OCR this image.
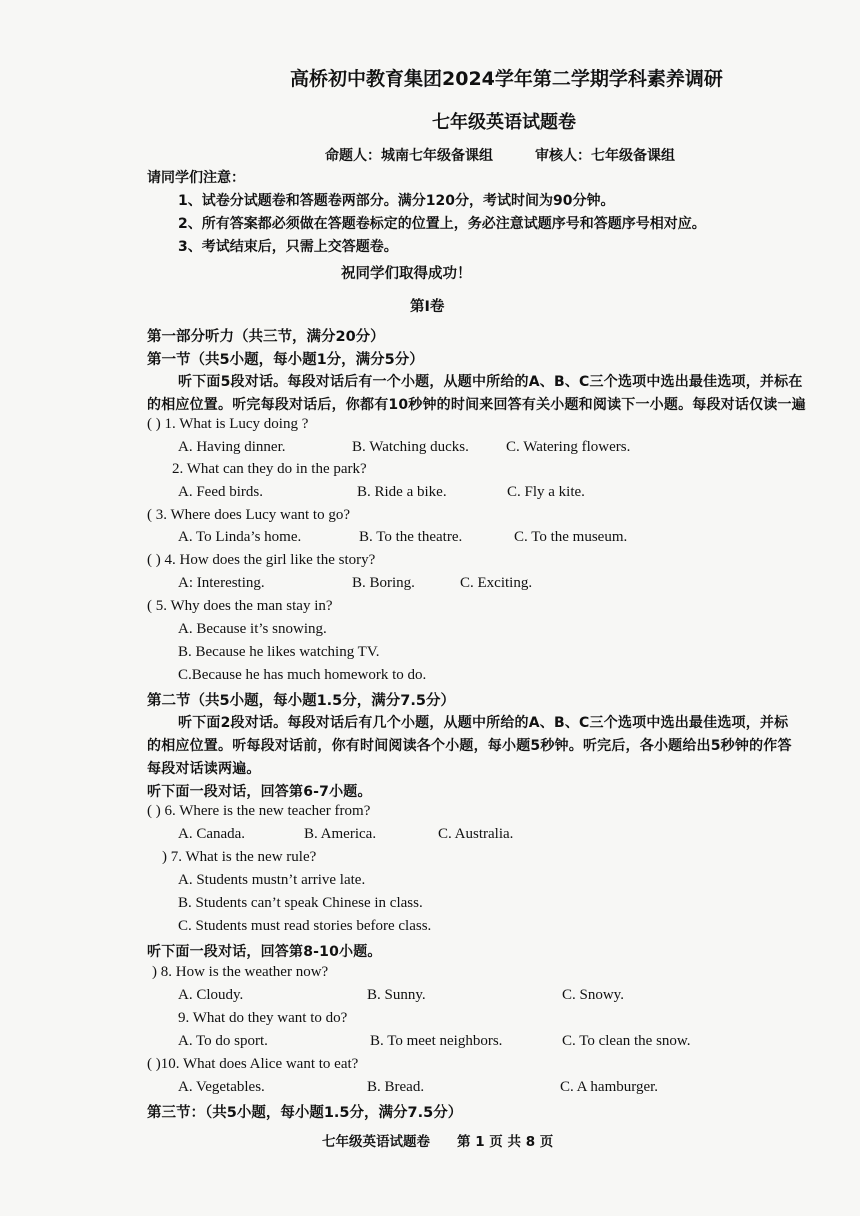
高桥初中教育集团2024学年第二学期学科素养调研
七年级英语试题卷
命题人：城南七年级备课组　　　审核人：七年级备课组
请同学们注意：
1、试卷分试题卷和答题卷两部分。满分120分，考试时间为90分钟。
2、所有答案都必须做在答题卷标定的位置上，务必注意试题序号和答题序号相对应。
3、考试结束后，只需上交答题卷。
祝同学们取得成功！
第Ⅰ卷
第一部分听力（共三节，满分20分）
第一节（共5小题，每小题1分，满分5分）
听下面5段对话。每段对话后有一个小题，从题中所给的A、B、C三个选项中选出最佳选项，并标在
的相应位置。听完每段对话后，你都有10秒钟的时间来回答有关小题和阅读下一小题。每段对话仅读一遍
( ) 1. What is Lucy doing ?
A. Having dinner.	B. Watching ducks. C. Watering flowers.
2. What can they do in the park?
A. Feed birds.	B. Ride a bike.	C. Fly a kite.
( 3. Where does Lucy want to go?
A. To Linda’s home.	B. To the theatre.	C. To the museum.
( ) 4. How does the girl like the story?
A: Interesting.	B. Boring.	C. Exciting.
( 5. Why does the man stay in?
A. Because it’s snowing.
B. Because he likes watching TV.
C.Because he has much homework to do.
第二节（共5小题，每小题1.5分，满分7.5分）
听下面2段对话。每段对话后有几个小题，从题中所给的A、B、C三个选项中选出最佳选项，并标
的相应位置。听每段对话前，你有时间阅读各个小题，每小题5秒钟。听完后，各小题给出5秒钟的作答
每段对话读两遍。
听下面一段对话，回答第6-7小题。
( ) 6. Where is the new teacher from?
A. Canada.	B. America.	C. Australia.
) 7. What is the new rule?
A. Students mustn’t arrive late.
B. Students can’t speak Chinese in class.
C. Students must read stories before class.
听下面一段对话，回答第8-10小题。
) 8. How is the weather now?
A. Cloudy.	B. Sunny.	C. Snowy.
9. What do they want to do?
A. To do sport.	B. To meet neighbors.	C. To clean the snow.
( )10. What does Alice want to eat?
A. Vegetables.	B. Bread.	C. A hamburger.
第三节：（共5小题，每小题1.5分，满分7.5分）
七年级英语试题卷　　第 1 页 共 8 页
